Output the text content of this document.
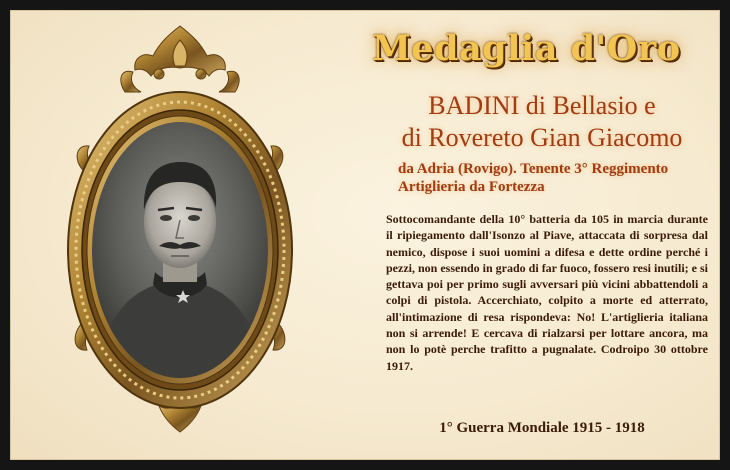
Medaglia d'Oro
BADINI di Bellasio e
di Rovereto Gian Giacomo
da Adria (Rovigo). Tenente 3° Reggimento
Artiglieria da Fortezza
Sottocomandante della 10° batteria da 105 in marcia durante il ripiegamento dall'Isonzo al Piave, attaccata di sorpresa dal nemico, dispose i suoi uomini a difesa e dette ordine perché i pezzi, non essendo in grado di far fuoco, fossero resi inutili; e si gettava poi per primo sugli avversari più vicini abbattendoli a colpi di pistola. Accerchiato, colpito a morte ed atterrato, all'intimazione di resa rispondeva: No! L'artiglieria italiana non si arrende! E cercava di rialzarsi per lottare ancora, ma non lo potè perche trafitto a pugnalate. Codroipo 30 ottobre 1917.
1° Guerra Mondiale 1915 - 1918
